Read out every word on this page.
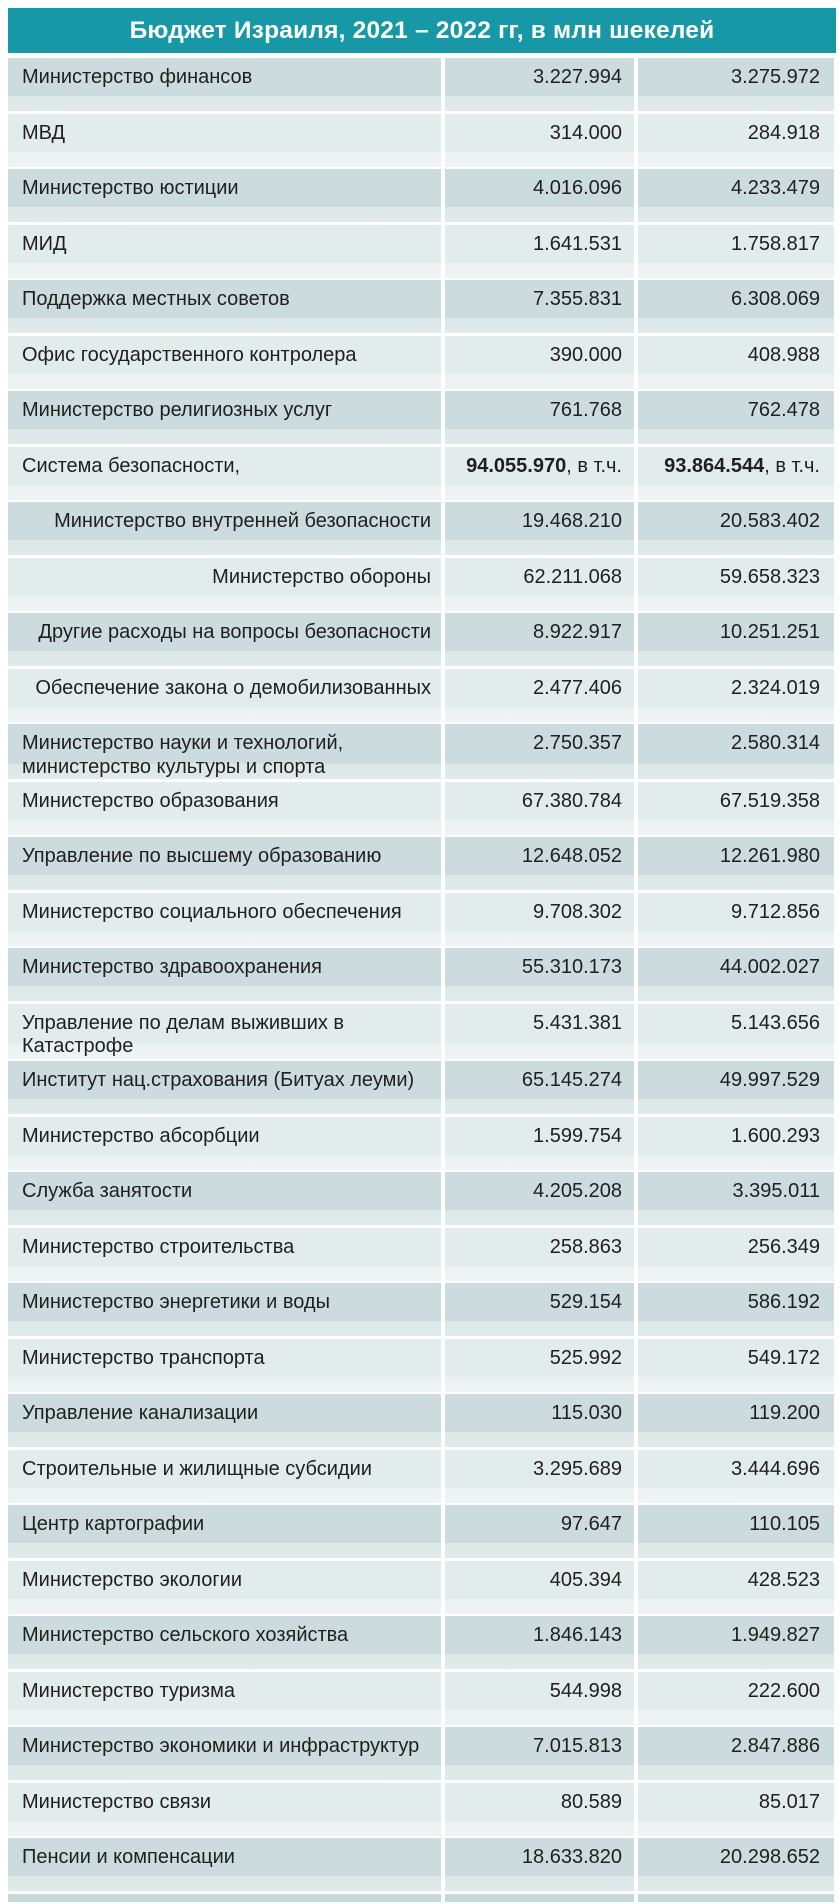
Бюджет Израиля, 2021 – 2022 гг, в млн шекелей
Министерство финансов	3.227.994	3.275.972
МВД	314.000	284.918
Министерство юстиции	4.016.096	4.233.479
МИД	1.641.531	1.758.817
Поддержка местных советов	7.355.831	6.308.069
Офис государственного контролера	390.000	408.988
Министерство религиозных услуг	761.768	762.478
Система безопасности,	94.055.970, в т.ч.	93.864.544, в т.ч.
Министерство внутренней безопасности	19.468.210	20.583.402
Министерство обороны	62.211.068	59.658.323
Другие расходы на вопросы безопасности	8.922.917	10.251.251
Обеспечение закона о демобилизованных	2.477.406	2.324.019
Министерство науки и технологий, министерство культуры и спорта
2.750.357	2.580.314
Министерство образования	67.380.784	67.519.358
Управление по высшему образованию	12.648.052	12.261.980
Министерство социального обеспечения	9.708.302	9.712.856
Министерство здравоохранения	55.310.173	44.002.027
Управление по делам выживших в Катастрофе
5.431.381	5.143.656
Институт нац.страхования (Битуах леуми)	65.145.274	49.997.529
Министерство абсорбции	1.599.754	1.600.293
Служба занятости	4.205.208	3.395.011
Министерство строительства	258.863	256.349
Министерство энергетики и воды	529.154	586.192
Министерство транспорта	525.992	549.172
Управление канализации	115.030	119.200
Строительные и жилищные субсидии	3.295.689	3.444.696
Центр картографии	97.647	110.105
Министерство экологии	405.394	428.523
Министерство сельского хозяйства	1.846.143	1.949.827
Министерство туризма	544.998	222.600
Министерство экономики и инфраструктур	7.015.813	2.847.886
Министерство связи	80.589	85.017
Пенсии и компенсации	18.633.820	20.298.652
